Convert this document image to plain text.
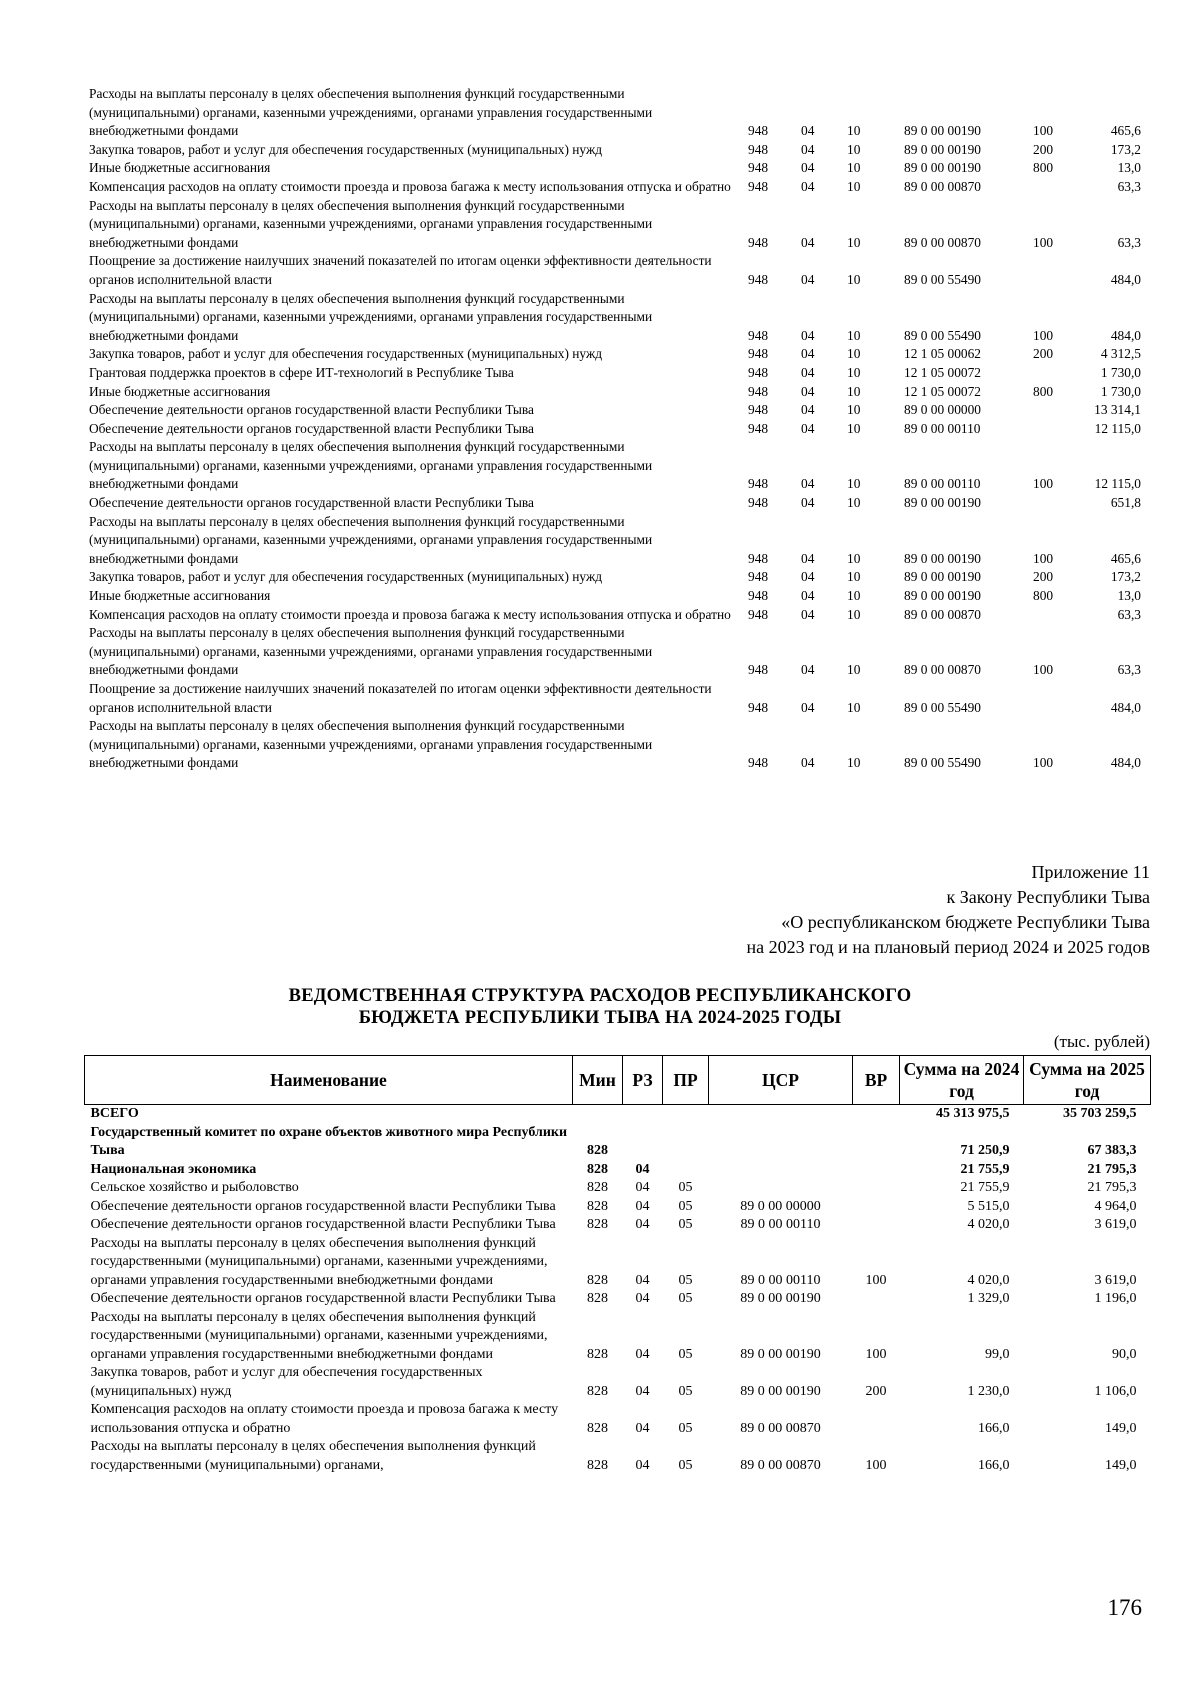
Расходы на выплаты персоналу в целях обеспечения выполнения функций государственными (муниципальными) органами, казенными учреждениями, органами управления государственными внебюджетными фондами	948	04	10	89 0 00 00190	100	465,6
Закупка товаров, работ и услуг для обеспечения государственных (муниципальных) нужд	948	04	10	89 0 00 00190	200	173,2
Иные бюджетные ассигнования	948	04	10	89 0 00 00190	800	13,0
Компенсация расходов на оплату стоимости проезда и провоза багажа к месту использования отпуска и обратно	948	04	10	89 0 00 00870		63,3
Расходы на выплаты персоналу в целях обеспечения выполнения функций государственными (муниципальными) органами, казенными учреждениями, органами управления государственными внебюджетными фондами	948	04	10	89 0 00 00870	100	63,3
Поощрение за достижение наилучших значений показателей по итогам оценки эффективности деятельности органов исполнительной власти	948	04	10	89 0 00 55490		484,0
Расходы на выплаты персоналу в целях обеспечения выполнения функций государственными (муниципальными) органами, казенными учреждениями, органами управления государственными внебюджетными фондами	948	04	10	89 0 00 55490	100	484,0
Закупка товаров, работ и услуг для обеспечения государственных (муниципальных) нужд	948	04	10	12 1 05 00062	200	4 312,5
Грантовая поддержка проектов в сфере ИТ-технологий в Республике Тыва	948	04	10	12 1 05 00072		1 730,0
Иные бюджетные ассигнования	948	04	10	12 1 05 00072	800	1 730,0
Обеспечение деятельности органов государственной власти Республики Тыва	948	04	10	89 0 00 00000		13 314,1
Обеспечение деятельности органов государственной власти Республики Тыва	948	04	10	89 0 00 00110		12 115,0
Расходы на выплаты персоналу в целях обеспечения выполнения функций государственными (муниципальными) органами, казенными учреждениями, органами управления государственными внебюджетными фондами	948	04	10	89 0 00 00110	100	12 115,0
Обеспечение деятельности органов государственной власти Республики Тыва	948	04	10	89 0 00 00190		651,8
Расходы на выплаты персоналу в целях обеспечения выполнения функций государственными (муниципальными) органами, казенными учреждениями, органами управления государственными внебюджетными фондами	948	04	10	89 0 00 00190	100	465,6
Закупка товаров, работ и услуг для обеспечения государственных (муниципальных) нужд	948	04	10	89 0 00 00190	200	173,2
Иные бюджетные ассигнования	948	04	10	89 0 00 00190	800	13,0
Компенсация расходов на оплату стоимости проезда и провоза багажа к месту использования отпуска и обратно	948	04	10	89 0 00 00870		63,3
Расходы на выплаты персоналу в целях обеспечения выполнения функций государственными (муниципальными) органами, казенными учреждениями, органами управления государственными внебюджетными фондами	948	04	10	89 0 00 00870	100	63,3
Поощрение за достижение наилучших значений показателей по итогам оценки эффективности деятельности органов исполнительной власти	948	04	10	89 0 00 55490		484,0
Расходы на выплаты персоналу в целях обеспечения выполнения функций государственными (муниципальными) органами, казенными учреждениями, органами управления государственными внебюджетными фондами	948	04	10	89 0 00 55490	100	484,0
Приложение 11
к Закону Республики Тыва
«О республиканском бюджете Республики Тыва
на 2023 год и на плановый период 2024 и 2025 годов
ВЕДОМСТВЕННАЯ СТРУКТУРА РАСХОДОВ РЕСПУБЛИКАНСКОГО
БЮДЖЕТА РЕСПУБЛИКИ ТЫВА НА 2024-2025 ГОДЫ
(тыс. рублей)
Наименование	Мин	РЗ	ПР	ЦСР	ВР	Сумма на 2024 год	Сумма на 2025 год
ВСЕГО						45 313 975,5	35 703 259,5
Государственный комитет по охране объектов животного мира Республики Тыва	828					71 250,9	67 383,3
Национальная экономика	828	04				21 755,9	21 795,3
Сельское хозяйство и рыболовство	828	04	05			21 755,9	21 795,3
Обеспечение деятельности органов государственной власти Республики Тыва	828	04	05	89 0 00 00000		5 515,0	4 964,0
Обеспечение деятельности органов государственной власти Республики Тыва	828	04	05	89 0 00 00110		4 020,0	3 619,0
Расходы на выплаты персоналу в целях обеспечения выполнения функций государственными (муниципальными) органами, казенными учреждениями, органами управления государственными внебюджетными фондами	828	04	05	89 0 00 00110	100	4 020,0	3 619,0
Обеспечение деятельности органов государственной власти Республики Тыва	828	04	05	89 0 00 00190		1 329,0	1 196,0
Расходы на выплаты персоналу в целях обеспечения выполнения функций государственными (муниципальными) органами, казенными учреждениями, органами управления государственными внебюджетными фондами	828	04	05	89 0 00 00190	100	99,0	90,0
Закупка товаров, работ и услуг для обеспечения государственных (муниципальных) нужд	828	04	05	89 0 00 00190	200	1 230,0	1 106,0
Компенсация расходов на оплату стоимости проезда и провоза багажа к месту использования отпуска и обратно	828	04	05	89 0 00 00870		166,0	149,0
Расходы на выплаты персоналу в целях обеспечения выполнения функций государственными (муниципальными) органами,	828	04	05	89 0 00 00870	100	166,0	149,0
176
